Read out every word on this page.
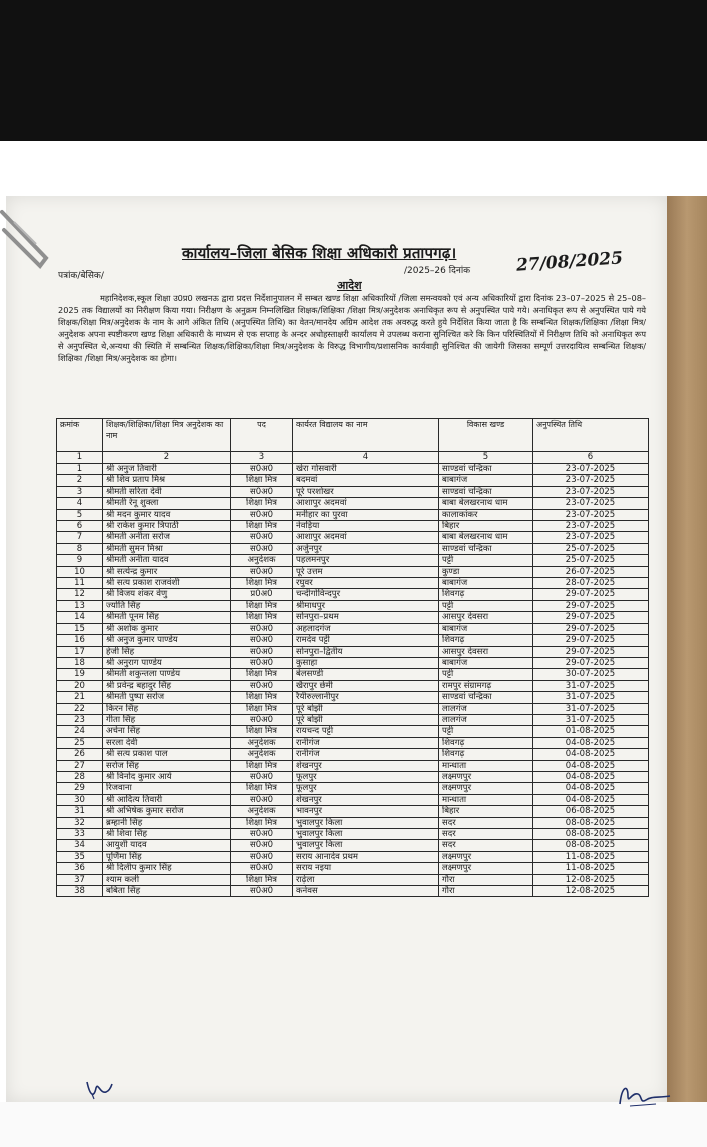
कार्यालय–जिला बेसिक शिक्षा अधिकारी प्रतापगढ़।	27/08/2025
पत्रांक/बेसिक/	/2025–26 दिनांक
आदेश
महानिदेशक,स्कूल शिक्षा उ0प्र0 लखनऊ द्वारा प्रदत्त निर्देशानुपालन में सम्बत खण्ड शिक्षा अधिकारियों /जिला समन्वयको एवं अन्य अधिकारियों द्वारा दिनांक 23–07–2025 से 25–08–2025 तक विद्यालयों का निरीक्षण किया गया। निरीक्षण के अनुक्रम निम्नलिखित शिक्षक/शिक्षिका /शिक्षा मित्र/अनुदेशक अनाधिकृत रूप से अनुपस्थित पाये गये। अनाधिकृत रूप से अनुपस्थित पाये गये शिक्षक/शिक्षा मित्र/अनुदेशक के नाम के आगे अंकित तिथि (अनुपस्थित तिथि) का वेतन/मानदेय अग्रिम आदेश तक अवरुद्ध करते हुये निर्देशित किया जाता है कि सम्बन्धित शिक्षक/शिक्षिका /शिक्षा मित्र/अनुदेशक अपना स्पष्टीकरण खण्ड शिक्षा अधिकारी के माध्यम से एक सप्ताह के अन्दर अधोहस्ताक्षरी कार्यालय मे उपलब्ध कराना सुनिश्चित करे कि किन परिस्थितियों में निरीक्षण तिथि को अनाधिकृत रूप से अनुपस्थित थे,अन्यथा की स्थिति में सम्बन्धित शिक्षक/शिक्षिका/शिक्षा मित्र/अनुदेशक के विरुद्ध विभागीय/प्रशासनिक कार्यवाही सुनिश्चित की जायेगी जिसका सम्पूर्ण उत्तरदायित्व सम्बन्धित शिक्षक/शिक्षिका /शिक्षा मित्र/अनुदेशक का होगा।
क्रमांक	शिक्षक/शिक्षिका/शिक्षा मित्र अनुदेशक का नाम	पद	कार्यरत विद्यालय का नाम	विकास खण्ड	अनुपस्थित तिथि
1	2	3	4	5	6
1	श्री अनुज तिवारी	स0अ0	खेरा गोसवारी	साण्डवां चन्द्रिका	23-07-2025
2	श्री शिव प्रताप मिश्र	शिक्षा मित्र	बदमवां	बाबागंज	23-07-2025
3	श्रीमती सरिता देवी	स0अ0	पूरे परशोखर	साण्डवां चन्द्रिका	23-07-2025
4	श्रीमती रेनू शुक्ला	शिक्षा मित्र	आशापुर अदमवां	बाबा बेलखरनाथ धाम	23-07-2025
5	श्री मदन कुमार यादव	स0अ0	मनीहार का पुरवा	कालाकांकर	23-07-2025
6	श्री राकेश कुमार त्रिपाठी	शिक्षा मित्र	नेवड़िया	बिहार	23-07-2025
7	श्रीमती अनीता सरोज	स0अ0	आशापुर अदमवां	बाबा बेलखरनाथ धाम	23-07-2025
8	श्रीमती सुमन मिश्रा	स0अ0	अर्जुनपुर	साण्डवां चन्द्रिका	25-07-2025
9	श्रीमती अनीता यादव	अनुदेशक	पहलमनपुर	पट्टी	25-07-2025
10	श्री सत्येन्द्र कुमार	स0अ0	पूरे उत्तम	कुण्डा	26-07-2025
11	श्री सत्य प्रकाश राजवंशी	शिक्षा मित्र	रघुवर	बाबागंज	28-07-2025
12	श्री विजय शंकर वेणु	प्र0अ0	चन्दीगोविन्दपुर	शिवगढ़	29-07-2025
13	ज्योति सिंह	शिक्षा मित्र	श्रीमाधपुर	पट्टी	29-07-2025
14	श्रीमती पूनम सिंह	शिक्षा मित्र	सोनपुरा–प्रथम	आसपुर देवसरा	29-07-2025
15	श्री अशोक कुमार	स0अ0	अहलादगंज	बाबागंज	29-07-2025
16	श्री अनुज कुमार पाण्डेय	स0अ0	रामदेव पट्टी	शिवगढ़	29-07-2025
17	हेजी सिंह	स0अ0	सोनपुरा–द्वितीय	आसपुर देवसरा	29-07-2025
18	श्री अनुराग पाण्डेय	स0अ0	कुसाहा	बाबागंज	29-07-2025
19	श्रीमती शकुन्तला पाण्डेय	शिक्षा मित्र	बेलसण्डी	पट्टी	30-07-2025
20	श्री प्रवेन्द्र बहादुर सिंह	स0अ0	खैरापुर छेमी	रामपुर संग्रामगढ़	31-07-2025
21	श्रीमती पुष्पा सरोज	शिक्षा मित्र	रैयीरुल्लानीपुर	साण्डवां चन्द्रिका	31-07-2025
22	किरन सिंह	शिक्षा मित्र	पूरे बोझी	लालगंज	31-07-2025
23	गीता सिंह	स0अ0	पूरे बोझी	लालगंज	31-07-2025
24	अर्चना सिंह	शिक्षा मित्र	रायचन्द पट्टी	पट्टी	01-08-2025
25	सरला देवी	अनुदेशक	रानीगंज	शिवगढ़	04-08-2025
26	श्री सत्य प्रकाश पाल	अनुदेशक	रानीगंज	शिवगढ़	04-08-2025
27	सरोज सिंह	शिक्षा मित्र	शेखनपुर	मान्धाता	04-08-2025
28	श्री विनोद कुमार आर्य	स0अ0	फूलपुर	लक्ष्मणपुर	04-08-2025
29	रिजवाना	शिक्षा मित्र	फूलपुर	लक्ष्मणपुर	04-08-2025
30	श्री आदित्य तिवारी	स0अ0	शेखनपुर	मान्धाता	04-08-2025
31	श्री अभिषेक कुमार सरोज	अनुदेशक	भावनपुर	बिहार	06-08-2025
32	ब्रम्हानी सिंह	शिक्षा मित्र	भुवालपुर किला	सदर	08-08-2025
33	श्री शिवा सिंह	स0अ0	भुवालपुर किला	सदर	08-08-2025
34	आयुशी यादव	स0अ0	भुवालपुर किला	सदर	08-08-2025
35	पूर्णिमा सिंह	स0अ0	सराय आनादेव प्रथम	लक्ष्मणपुर	11-08-2025
36	श्री दिलीप कुमार सिंह	स0अ0	सराय नइया	लक्ष्मणपुर	11-08-2025
37	श्याम कली	शिक्षा मित्र	राढ़ेला	गौरा	12-08-2025
38	बबिता सिंह	स0अ0	कनेवस	गौरा	12-08-2025
